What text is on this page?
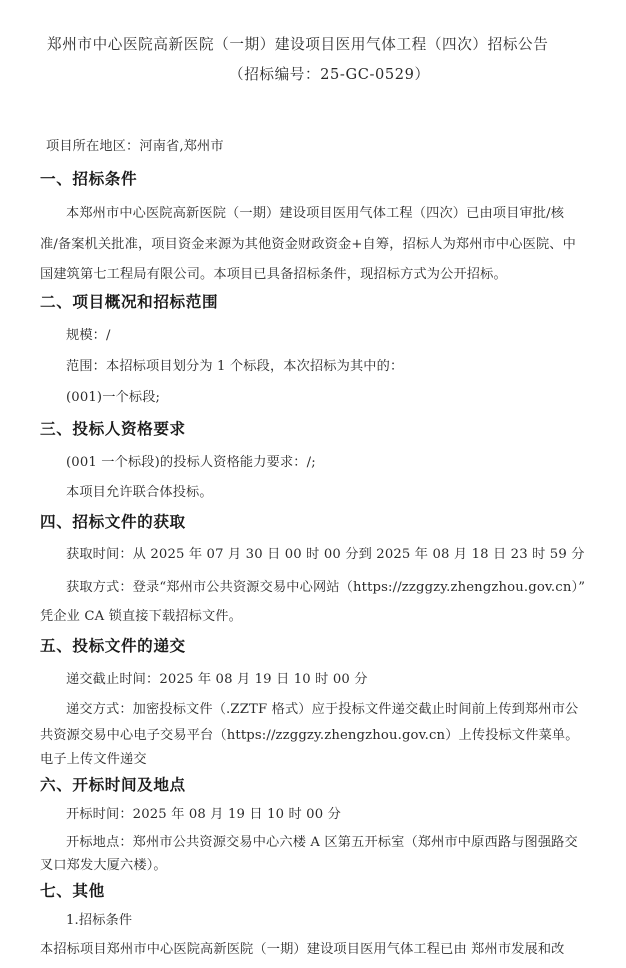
郑州市中心医院高新医院（一期）建设项目医用气体工程（四次）招标公告
（招标编号：25-GC-0529）
项目所在地区：河南省,郑州市
一、招标条件
本郑州市中心医院高新医院（一期）建设项目医用气体工程（四次）已由项目审批/核
准/备案机关批准，项目资金来源为其他资金财政资金+自筹，招标人为郑州市中心医院、中
国建筑第七工程局有限公司。本项目已具备招标条件，现招标方式为公开招标。
二、项目概况和招标范围
规模：/
范围：本招标项目划分为 1 个标段，本次招标为其中的：
(001)一个标段;
三、投标人资格要求
(001 一个标段)的投标人资格能力要求：/;
本项目允许联合体投标。
四、招标文件的获取
获取时间：从 2025 年 07 月 30 日 00 时 00 分到 2025 年 08 月 18 日 23 时 59 分
获取方式：登录“郑州市公共资源交易中心网站（https://zzggzy.zhengzhou.gov.cn）”
凭企业 CA 锁直接下载招标文件。
五、投标文件的递交
递交截止时间：2025 年 08 月 19 日 10 时 00 分
递交方式：加密投标文件（.ZZTF 格式）应于投标文件递交截止时间前上传到郑州市公
共资源交易中心电子交易平台（https://zzggzy.zhengzhou.gov.cn）上传投标文件菜单。
电子上传文件递交
六、开标时间及地点
开标时间：2025 年 08 月 19 日 10 时 00 分
开标地点：郑州市公共资源交易中心六楼 A 区第五开标室（郑州市中原西路与图强路交
叉口郑发大厦六楼）。
七、其他
1.招标条件
本招标项目郑州市中心医院高新医院（一期）建设项目医用气体工程已由 郑州市发展和改
